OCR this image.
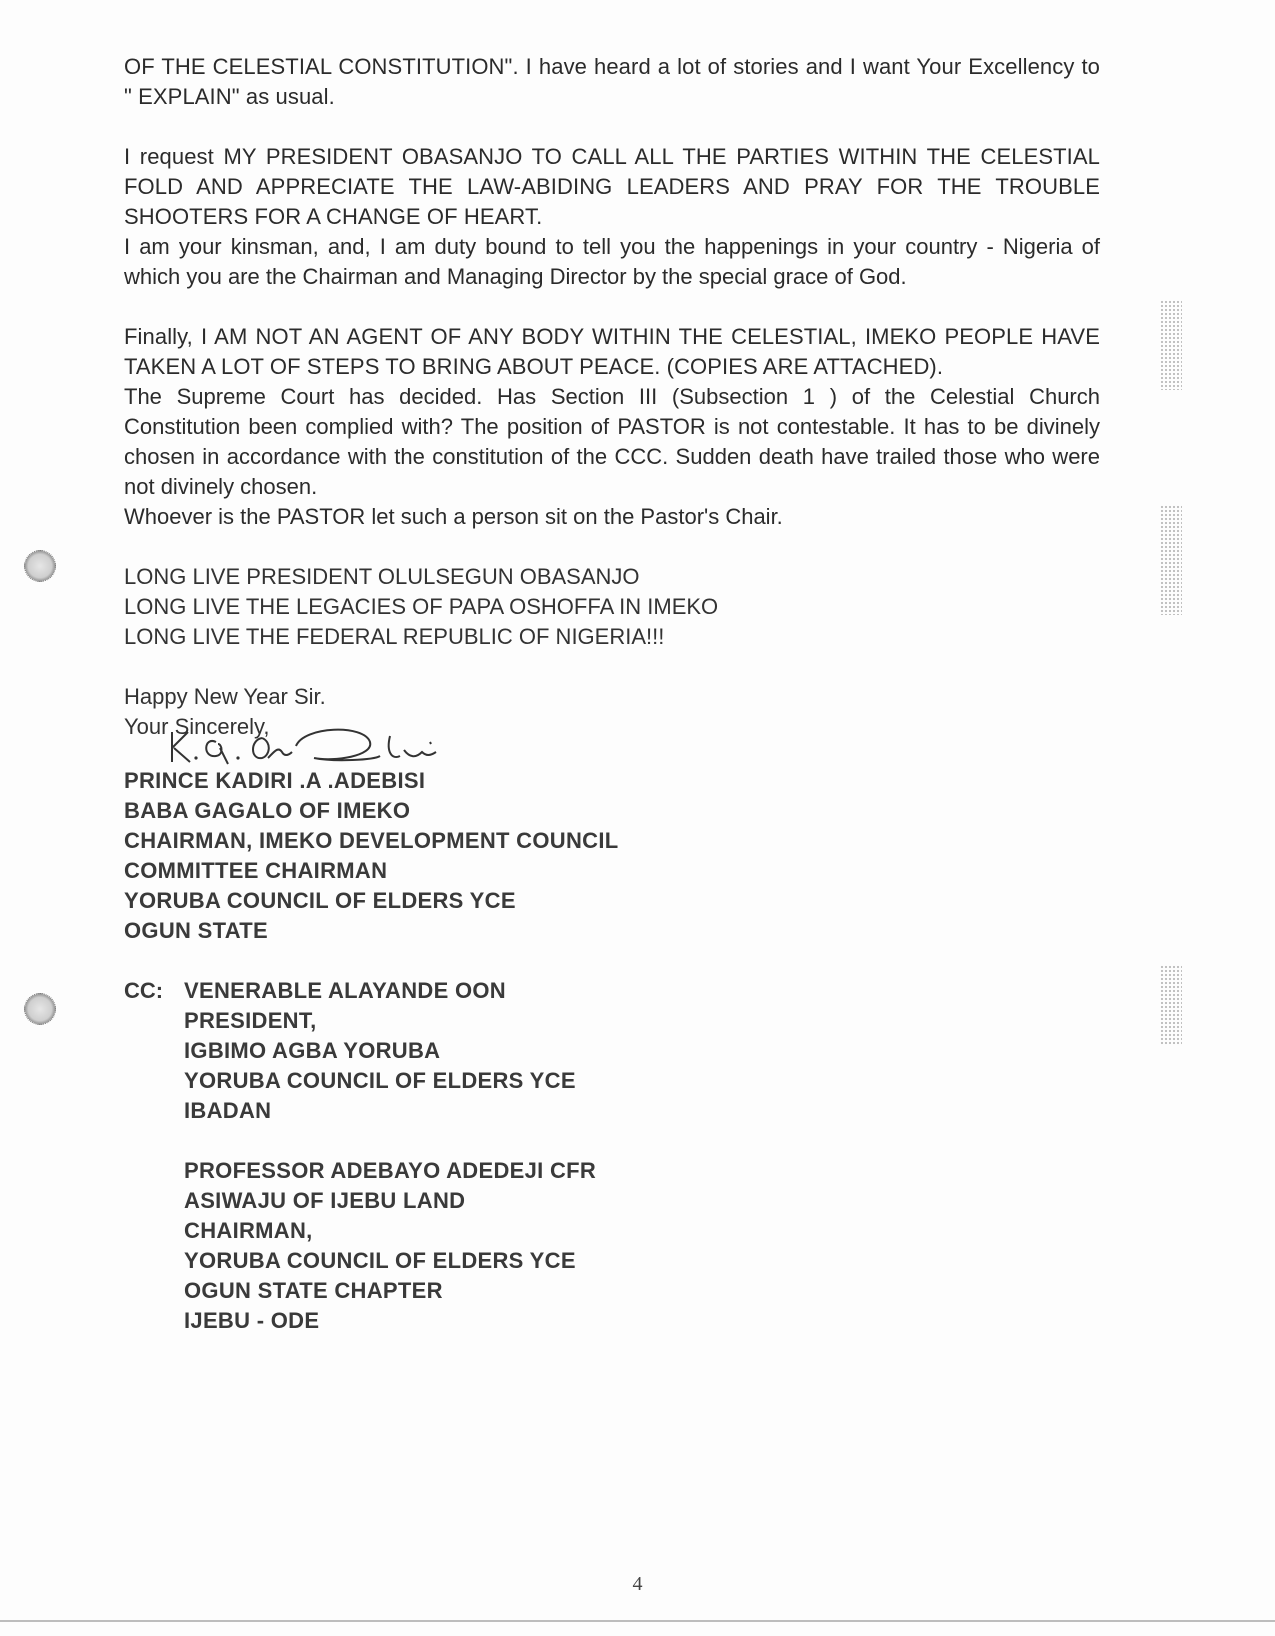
OF THE CELESTIAL CONSTITUTION". I have heard a lot of stories and I want Your Excellency to " EXPLAIN" as usual.

I request MY PRESIDENT OBASANJO TO CALL ALL THE PARTIES WITHIN THE CELESTIAL FOLD AND APPRECIATE THE LAW-ABIDING LEADERS AND PRAY FOR THE TROUBLE SHOOTERS FOR A CHANGE OF HEART.

I am your kinsman, and, I am duty bound to tell you the happenings in your country - Nigeria of which you are the Chairman and Managing Director by the special grace of God.

Finally, I AM NOT AN AGENT OF ANY BODY WITHIN THE CELESTIAL, IMEKO PEOPLE HAVE TAKEN A LOT OF STEPS TO BRING ABOUT PEACE. (COPIES ARE ATTACHED).

The Supreme Court has decided. Has Section III (Subsection 1 ) of the Celestial Church Constitution been complied with? The position of PASTOR is not contestable. It has to be divinely chosen in accordance with the constitution of the CCC. Sudden death have trailed those who were not divinely chosen.

Whoever is the PASTOR let such a person sit on the Pastor's Chair.

LONG LIVE PRESIDENT OLULSEGUN OBASANJO

LONG LIVE THE LEGACIES OF PAPA OSHOFFA IN IMEKO

LONG LIVE THE FEDERAL REPUBLIC OF NIGERIA!!!

Happy New Year Sir.

Your Sincerely,

PRINCE KADIRI .A .ADEBISI

BABA GAGALO OF IMEKO

CHAIRMAN, IMEKO DEVELOPMENT COUNCIL

COMMITTEE CHAIRMAN

YORUBA COUNCIL OF ELDERS YCE

OGUN STATE

CC: VENERABLE ALAYANDE OON

PRESIDENT,

IGBIMO AGBA YORUBA

YORUBA COUNCIL OF ELDERS YCE

IBADAN

PROFESSOR ADEBAYO ADEDEJI CFR

ASIWAJU OF IJEBU LAND

CHAIRMAN,

YORUBA COUNCIL OF ELDERS YCE

OGUN STATE CHAPTER

IJEBU - ODE

4
